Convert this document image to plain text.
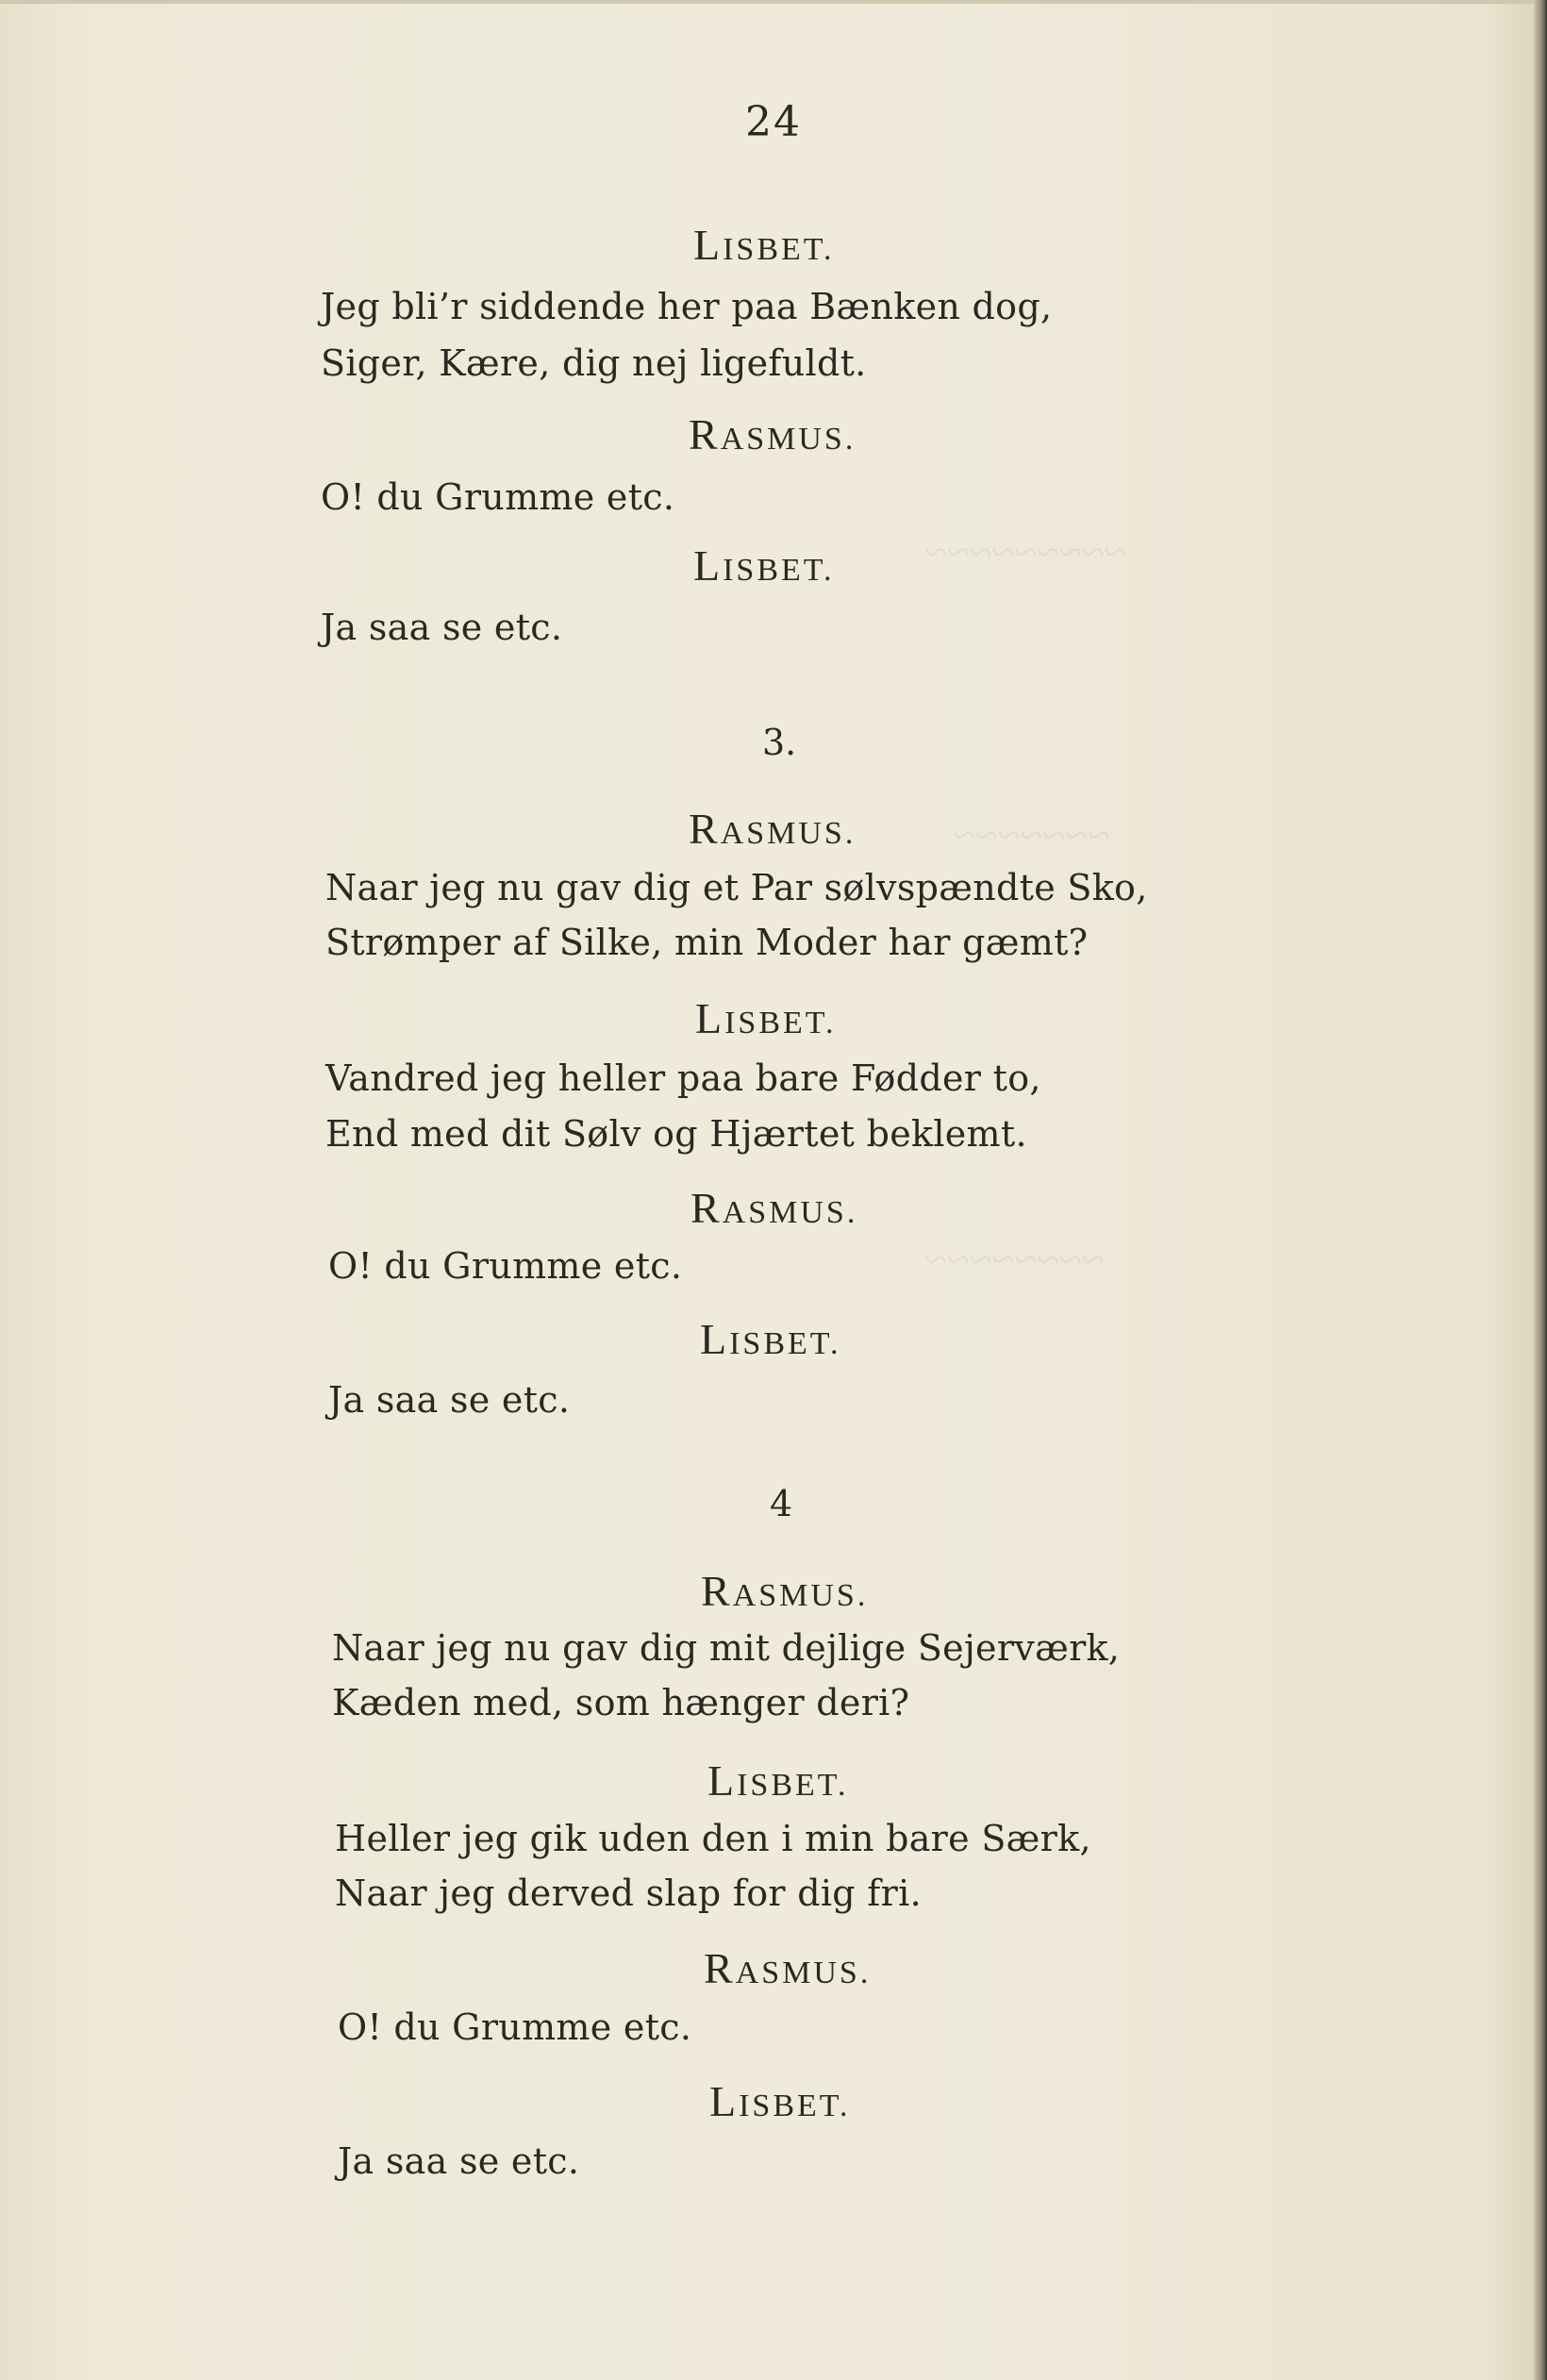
~~~~~~~~~
~~~~~~~
~~~~~~~~
24
LISBET.
Jeg bli’r siddende her paa Bænken dog,
Siger, Kære, dig nej ligefuldt.
RASMUS.
O! du Grumme etc.
LISBET.
Ja saa se etc.
3.
RASMUS.
Naar jeg nu gav dig et Par sølvspændte Sko,
Strømper af Silke, min Moder har gæmt?
LISBET.
Vandred jeg heller paa bare Fødder to,
End med dit Sølv og Hjærtet beklemt.
RASMUS.
O! du Grumme etc.
LISBET.
Ja saa se etc.
4
RASMUS.
Naar jeg nu gav dig mit dejlige Sejerværk,
Kæden med, som hænger deri?
LISBET.
Heller jeg gik uden den i min bare Særk,
Naar jeg derved slap for dig fri.
RASMUS.
O! du Grumme etc.
LISBET.
Ja saa se etc.
